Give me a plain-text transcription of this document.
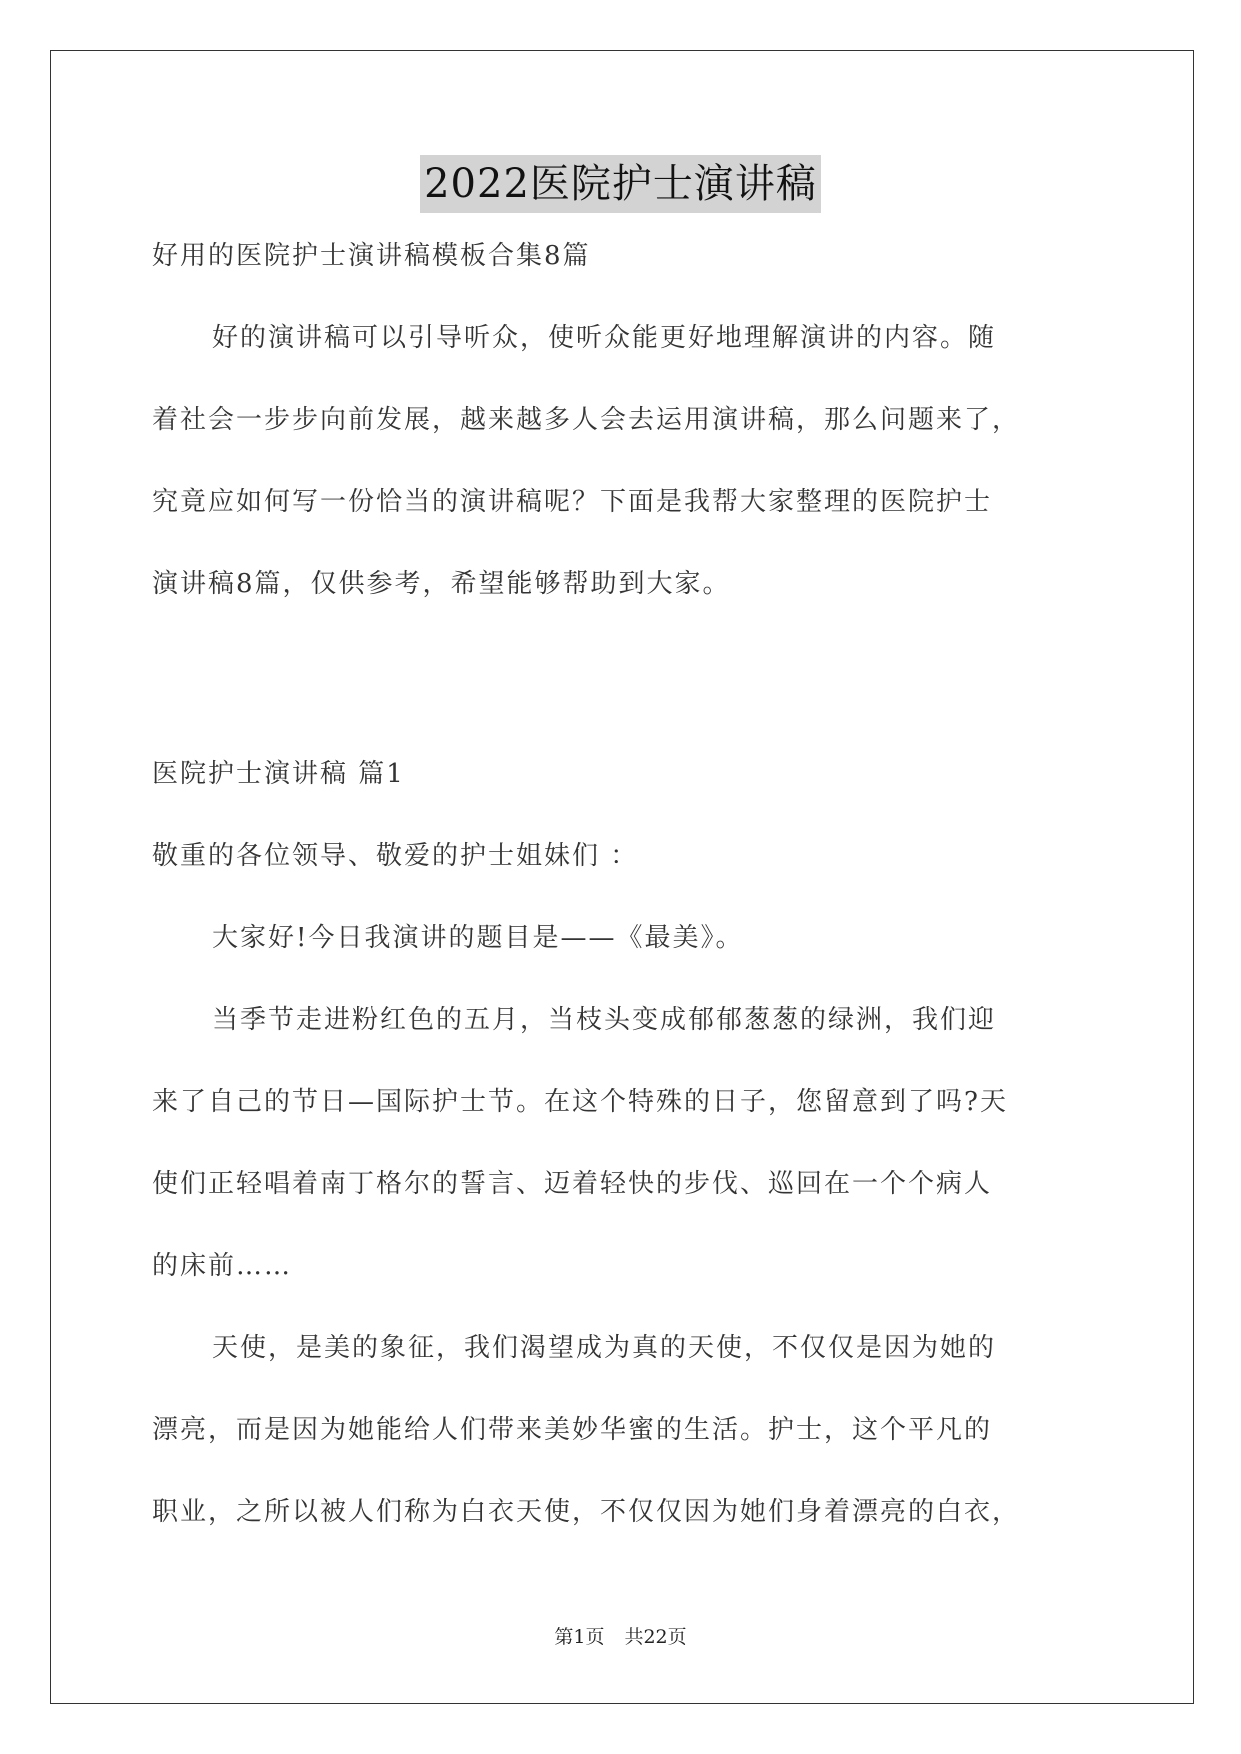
2022医院护士演讲稿
好用的医院护士演讲稿模板合集8篇
好的演讲稿可以引导听众，使听众能更好地理解演讲的内容。随
着社会一步步向前发展，越来越多人会去运用演讲稿，那么问题来了，
究竟应如何写一份恰当的演讲稿呢？下面是我帮大家整理的医院护士
演讲稿8篇，仅供参考，希望能够帮助到大家。
医院护士演讲稿 篇1
敬重的各位领导、敬爱的护士姐妹们 ：
大家好!今日我演讲的题目是——《最美》。
当季节走进粉红色的五月，当枝头变成郁郁葱葱的绿洲，我们迎
来了自己的节日—国际护士节。在这个特殊的日子，您留意到了吗?天
使们正轻唱着南丁格尔的誓言、迈着轻快的步伐、巡回在一个个病人
的床前……
天使，是美的象征，我们渴望成为真的天使，不仅仅是因为她的
漂亮，而是因为她能给人们带来美妙华蜜的生活。护士，这个平凡的
职业，之所以被人们称为白衣天使，不仅仅因为她们身着漂亮的白衣，
第1页 共22页
